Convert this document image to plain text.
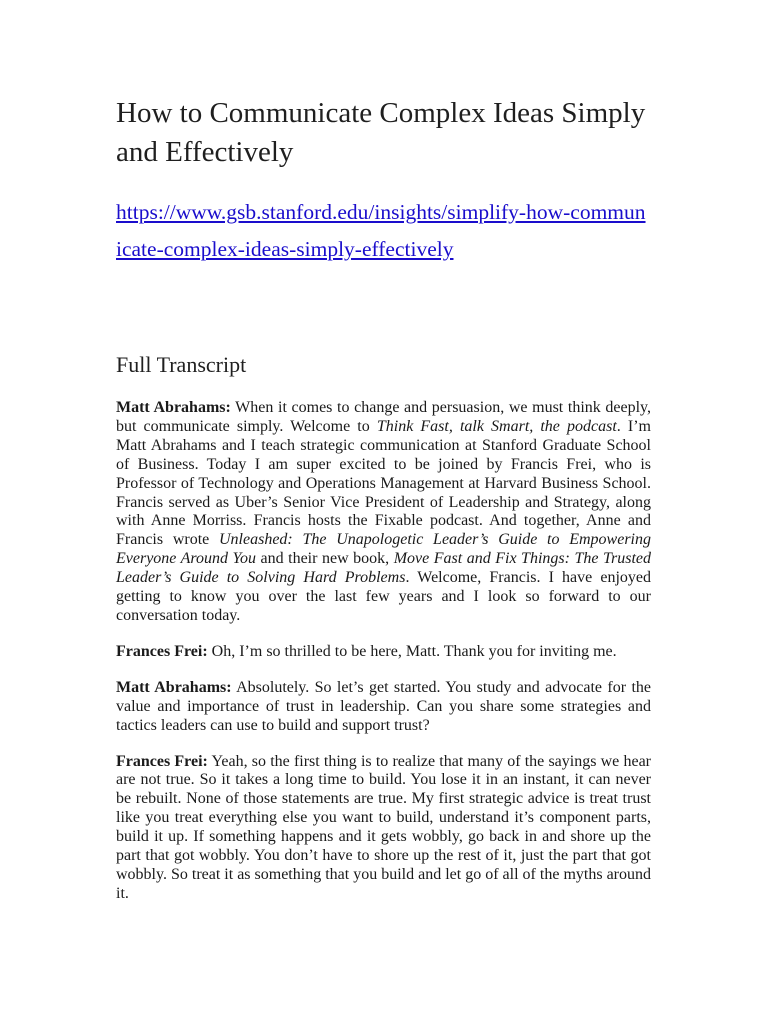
How to Communicate Complex Ideas Simply and Effectively
https://www.gsb.stanford.edu/insights/simplify-how-communicate-complex-ideas-simply-effectively
Full Transcript

Matt Abrahams: When it comes to change and persuasion, we must think deeply, but communicate simply. Welcome to Think Fast, talk Smart, the podcast. I’m Matt Abrahams and I teach strategic communication at Stanford Graduate School of Business. Today I am super excited to be joined by Francis Frei, who is Professor of Technology and Operations Management at Harvard Business School. Francis served as Uber’s Senior Vice President of Leadership and Strategy, along with Anne Morriss. Francis hosts the Fixable podcast. And together, Anne and Francis wrote Unleashed: The Unapologetic Leader’s Guide to Empowering Everyone Around You and their new book, Move Fast and Fix Things: The Trusted Leader’s Guide to Solving Hard Problems. Welcome, Francis. I have enjoyed getting to know you over the last few years and I look so forward to our conversation today.

Frances Frei: Oh, I’m so thrilled to be here, Matt. Thank you for inviting me.

Matt Abrahams: Absolutely. So let’s get started. You study and advocate for the value and importance of trust in leadership. Can you share some strategies and tactics leaders can use to build and support trust?

Frances Frei: Yeah, so the first thing is to realize that many of the sayings we hear are not true. So it takes a long time to build. You lose it in an instant, it can never be rebuilt. None of those statements are true. My first strategic advice is treat trust like you treat everything else you want to build, understand it’s component parts, build it up. If something happens and it gets wobbly, go back in and shore up the part that got wobbly. You don’t have to shore up the rest of it, just the part that got wobbly. So treat it as something that you build and let go of all of the myths around it.
